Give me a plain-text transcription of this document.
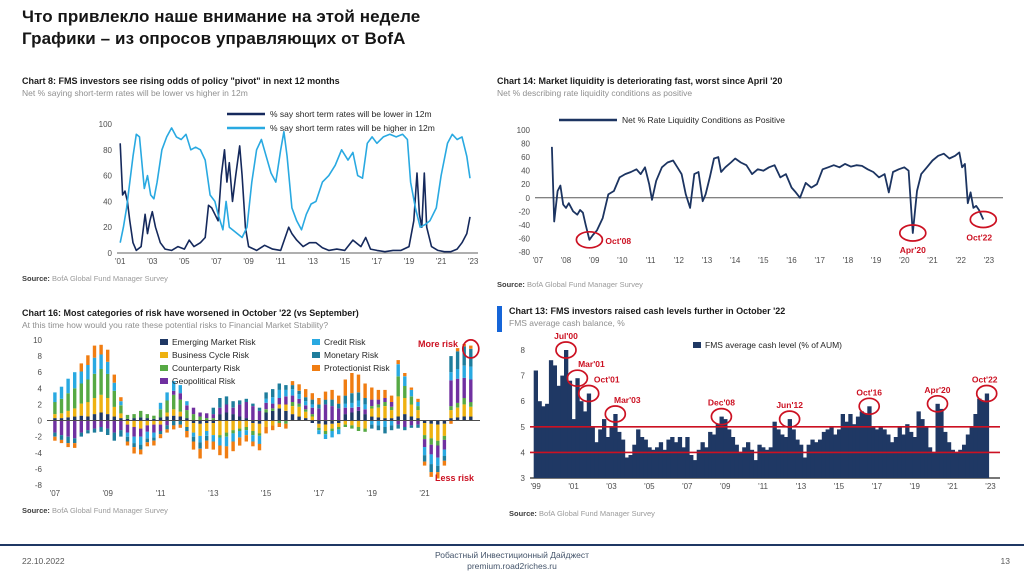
Что привлекло наше внимание на этой неделе
Графики – из опросов управляющих от BofA
Chart 8: FMS investors see rising odds of policy "pivot" in next 12 months

Net % saying short-term rates will be lower vs higher in 12m

0
20
40
60
80
100
'01	'03	'05	'07	'09	'11	'13	'15	'17	'19	'21	'23
% say short term rates will be lower in 12m
% say short term rates will be higher in 12m

Source: BofA Global Fund Manager Survey

Chart 14: Market liquidity is deteriorating fast, worst since April '20

Net % describing rate liquidity conditions as positive

-80
-60
-40
-20
0
20
40
60
80
100
'07 '08 '09 '10 '11 '12 '13 '14 '15 '16 '17 '18 '19 '20 '21 '22 '23
Net % Rate Liquidity Conditions as Positive
Oct'08
Apr'20
Oct'22

Source: BofA Global Fund Manager Survey

Chart 16: Most categories of risk have worsened in October '22 (vs September)

At this time how would you rate these potential risks to Financial Market Stability?

-8
-6
-4
-2
0
2
4
6
8
10
'07	'09	'11	'13	'15	'17	'19	'21
Emerging Market Risk
Business Cycle Risk
Counterparty Risk
Geopolitical Risk
Credit Risk
Monetary Risk
Protectionist Risk
More risk
Less risk

Source: BofA Global Fund Manager Survey

Chart 13: FMS investors raised cash levels further in October '22

FMS average cash balance, %

3
4
5
6
7
8
'99	'01	'03	'05	'07	'09	'11	'13	'15	'17	'19	'21	'23
FMS average cash level (% of AUM)
Jul'00
Mar'01
Oct'01
Mar'03	Dec'08	Jun'12
Oct'16	Apr'20
Oct'22

Source: BofA Global Fund Manager Survey

22.10.2022
Робастный Инвестиционный Дайджест
premium.road2riches.ru	13
